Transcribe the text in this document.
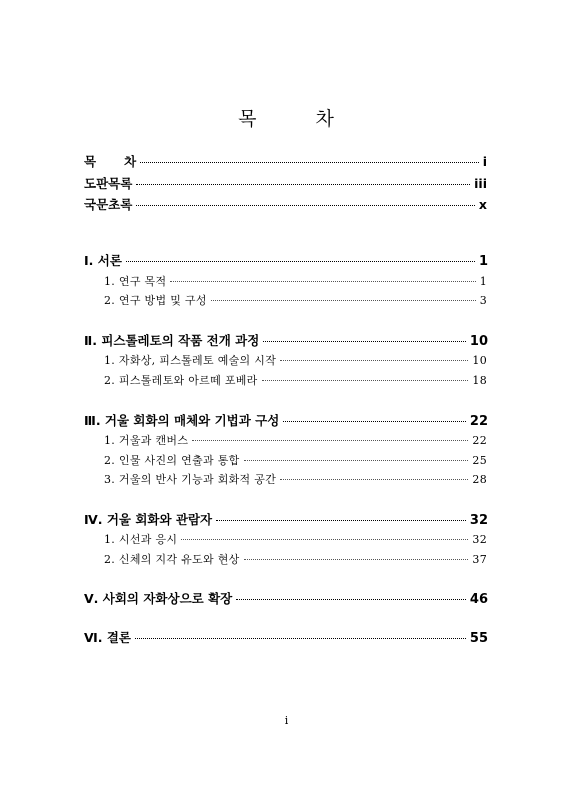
목	차
목 차	i
도판목록	iii
국문초록	x
Ⅰ. 서론	1
1. 연구 목적	1
2. 연구 방법 및 구성	3
Ⅱ. 피스톨레토의 작품 전개 과정	10
1. 자화상, 피스톨레토 예술의 시작	10
2. 피스톨레토와 아르떼 포베라	18
Ⅲ. 거울 회화의 매체와 기법과 구성	22
1. 거울과 캔버스	22
2. 인물 사진의 연출과 통합	25
3. 거울의 반사 기능과 회화적 공간	28
Ⅳ. 거울 회화와 관람자	32
1. 시선과 응시	32
2. 신체의 지각 유도와 현상	37
Ⅴ. 사회의 자화상으로 확장	46
Ⅵ. 결론	55
i
